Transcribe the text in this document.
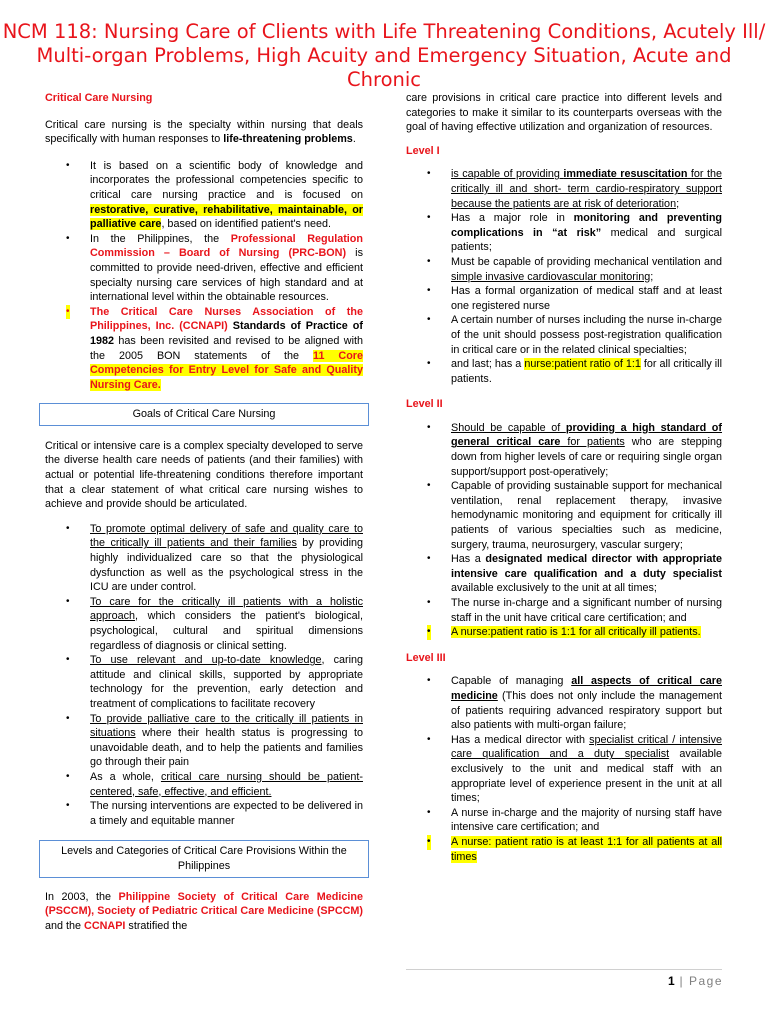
NCM 118: Nursing Care of Clients with Life Threatening Conditions, Acutely Ill/ Multi-organ Problems, High Acuity and Emergency Situation, Acute and Chronic
Critical Care Nursing

Critical care nursing is the specialty within nursing that deals specifically with human responses to life-threatening problems.

• It is based on a scientific body of knowledge and incorporates the professional competencies specific to critical care nursing practice and is focused on restorative, curative, rehabilitative, maintainable, or palliative care, based on identified patient's need.
• In the Philippines, the Professional Regulation Commission – Board of Nursing (PRC-BON) is committed to provide need-driven, effective and efficient specialty nursing care services of high standard and at international level within the obtainable resources.
• The Critical Care Nurses Association of the Philippines, Inc. (CCNAPI) Standards of Practice of 1982 has been revisited and revised to be aligned with the 2005 BON statements of the 11 Core Competencies for Entry Level for Safe and Quality Nursing Care.
Goals of Critical Care Nursing

Critical or intensive care is a complex specialty developed to serve the diverse health care needs of patients (and their families) with actual or potential life-threatening conditions therefore important that a clear statement of what critical care nursing wishes to achieve and provide should be articulated.

• To promote optimal delivery of safe and quality care to the critically ill patients and their families by providing highly individualized care so that the physiological dysfunction as well as the psychological stress in the ICU are under control.
• To care for the critically ill patients with a holistic approach, which considers the patient's biological, psychological, cultural and spiritual dimensions regardless of diagnosis or clinical setting.
• To use relevant and up-to-date knowledge, caring attitude and clinical skills, supported by appropriate technology for the prevention, early detection and treatment of complications to facilitate recovery
• To provide palliative care to the critically ill patients in situations where their health status is progressing to unavoidable death, and to help the patients and families go through their pain
• As a whole, critical care nursing should be patient-centered, safe, effective, and efficient.
• The nursing interventions are expected to be delivered in a timely and equitable manner
Levels and Categories of Critical Care Provisions Within the Philippines

In 2003, the Philippine Society of Critical Care Medicine (PSCCM), Society of Pediatric Critical Care Medicine (SPCCM) and the CCNAPI stratified the

care provisions in critical care practice into different levels and categories to make it similar to its counterparts overseas with the goal of having effective utilization and organization of resources.

Level I
• is capable of providing immediate resuscitation for the critically ill and short- term cardio-respiratory support because the patients are at risk of deterioration;
• Has a major role in monitoring and preventing complications in “at risk” medical and surgical patients;
• Must be capable of providing mechanical ventilation and simple invasive cardiovascular monitoring;
• Has a formal organization of medical staff and at least one registered nurse
• A certain number of nurses including the nurse in-charge of the unit should possess post-registration qualification in critical care or in the related clinical specialties;
• and last; has a nurse:patient ratio of 1:1 for all critically ill patients.
Level II
• Should be capable of providing a high standard of general critical care for patients who are stepping down from higher levels of care or requiring single organ support/support post-operatively;
• Capable of providing sustainable support for mechanical ventilation, renal replacement therapy, invasive hemodynamic monitoring and equipment for critically ill patients of various specialties such as medicine, surgery, trauma, neurosurgery, vascular surgery;
• Has a designated medical director with appropriate intensive care qualification and a duty specialist available exclusively to the unit at all times;
• The nurse in-charge and a significant number of nursing staff in the unit have critical care certification; and
• A nurse:patient ratio is 1:1 for all critically ill patients.
Level III
• Capable of managing all aspects of critical care medicine (This does not only include the management of patients requiring advanced respiratory support but also patients with multi-organ failure;
• Has a medical director with specialist critical / intensive care qualification and a duty specialist available exclusively to the unit and medical staff with an appropriate level of experience present in the unit at all times;
• A nurse in-charge and the majority of nursing staff have intensive care certification; and
• A nurse: patient ratio is at least 1:1 for all patients at all times
1 | Page
